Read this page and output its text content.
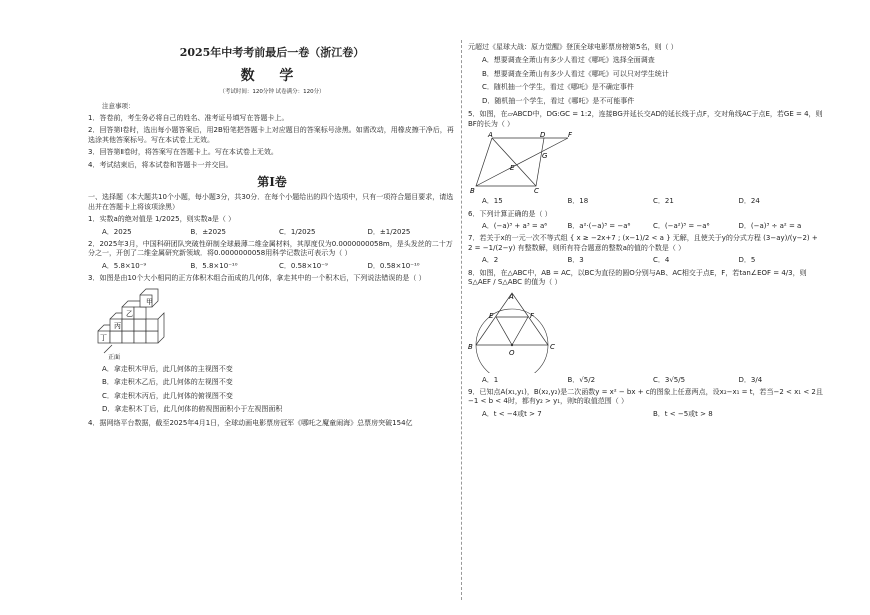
2025年中考考前最后一卷（浙江卷）
数 学
（考试时间：120分钟 试卷满分：120分）
注意事项：
1．答卷前，考生务必将自己的姓名、准考证号填写在答题卡上。
2．回答第Ⅰ卷时，选出每小题答案后，用2B铅笔把答题卡上对应题目的答案标号涂黑。如需改动，用橡皮擦干净后，再选涂其他答案标号。写在本试卷上无效。
3．回答第Ⅱ卷时，将答案写在答题卡上。写在本试卷上无效。
4．考试结束后，将本试卷和答题卡一并交回。
第Ⅰ卷
一、选择题（本大题共10个小题，每小题3分，共30分．在每个小题给出的四个选项中，只有一项符合题目要求，请选出并在答题卡上将该项涂黑）
1．实数a的绝对值是 1/2025，则实数a是（ ）
A．2025	B．±2025	C．1/2025	D．±1/2025
2．2025年3月，中国科研团队突破性研制全球最薄二维金属材料，其厚度仅为0.0000000058m，是头发丝的二十万分之一，开创了二维金属研究新领域．将0.0000000058用科学记数法可表示为（ ）
A．5.8×10⁻⁹	B．5.8×10⁻¹⁰	C．0.58×10⁻⁹	D．0.58×10⁻¹⁰
3．如图是由10个大小相同的正方体积木组合而成的几何体，拿走其中的一个积木后，下列说法错误的是（ ）
甲
乙
丙
丁
正面
A．拿走积木甲后，此几何体的主视图不变
B．拿走积木乙后，此几何体的左视图不变
C．拿走积木丙后，此几何体的俯视图不变
D．拿走积木丁后，此几何体的俯视图面积小于左视图面积
4．据网络平台数据，截至2025年4月1日，全球动画电影票房冠军《哪吒之魔童闹海》总票房突破154亿
元超过《星球大战：原力觉醒》登顶全球电影票房榜第5名，则（ ）
A．想要调查全萧山有多少人看过《哪吒》选择全面调查
B．想要调查全萧山有多少人看过《哪吒》可以只对学生统计
C．随机抽一个学生，看过《哪吒》是不确定事件
D．随机抽一个学生，看过《哪吒》是不可能事件
5．如图，在▱ABCD中，DG:GC = 1:2，连接BG并延长交AD的延长线于点F，交对角线AC于点E，若GE = 4，则BF的长为（ ）
A	D	F
G
E
B	C
A．15	B．18	C．21	D．24
6．下列计算正确的是（ ）
A．(−a)³ + a³ = a⁶	B．a²·(−a)³ = −a⁶	C．(−a²)³ = −a⁶	D．(−a)³ ÷ a² = a
7．若关于x的一元一次不等式组 { x ≥ −2x+7 ; (x−1)/2 < a } 无解，且使关于y的分式方程 (3−ay)/(y−2) + 2 = −1/(2−y) 有整数解，则所有符合题意的整数a的值的个数是（ ）
A．2	B．3	C．4	D．5
8．如图，在△ABC中，AB = AC，以BC为直径的圆O分别与AB、AC相交于点E，F，若tan∠EOF = 4/3，则 S△AEF / S△ABC 的值为（ ）
A
E	F
B
O
C
A．1	B．√5/2	C．3√5/5	D．3/4
9．已知点A(x₁,y₁)，B(x₂,y₂)是二次函数y = x² − bx + c的图象上任意两点，设x₂−x₁ = t，若当−2 < x₁ < 2且−1 < b < 4时，都有y₂ > y₁，则t的取值范围（ ）
A．t < −4或t > 7	B．t < −5或t > 8
